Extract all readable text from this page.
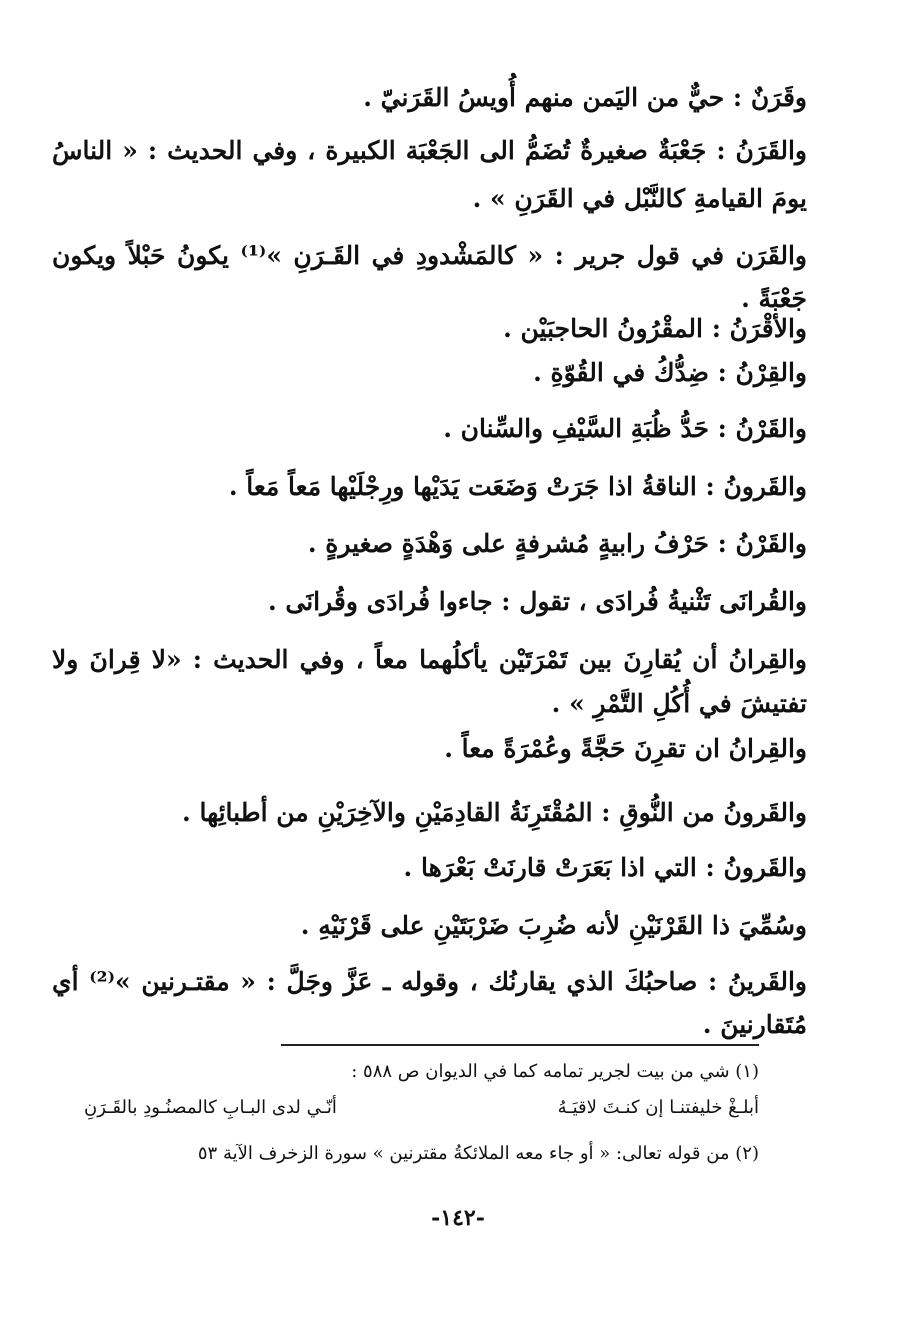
وقَرَنٌ : حيٌّ من اليَمن منهم أُويسُ القَرَنيّ .
والقَرَنُ : جَعْبَةٌ صغيرةٌ تُضَمُّ الى الجَعْبَة الكبيرة ، وفي الحديث : « الناسُ
يومَ القيامةِ كالنَّبْل في القَرَنِ » .
والقَرَن في قول جرير : « كالمَشْدودِ في القَـرَنِ »⁽¹⁾ يكونُ حَبْلاً ويكون
جَعْبَةً .
والأقْرَنُ : المقْرُونُ الحاجبَيْن .
والقِرْنُ : ضِدُّكُ في القُوّةِ .
والقَرْنُ : حَدُّ ظُبَةِ السَّيْفِ والسِّنان .
والقَرونُ : الناقةُ اذا جَرَتْ وَضَعَت يَدَيْها ورِجْلَيْها مَعاً مَعاً .
والقَرْنُ : حَرْفُ رابيةٍ مُشرفةٍ على وَهْدَةٍ صغيرةٍ .
والقُرانَى تَثْنيةُ فُرادَى ، تقول : جاءوا فُرادَى وقُرانَى .
والقِرانُ أن يُقارِنَ بين تَمْرَتَيْن يأكلُهما معاً ، وفي الحديث : «لا قِرانَ ولا
تفتيشَ في أُكُلِ التَّمْرِ » .
والقِرانُ ان تقرِنَ حَجَّةً وعُمْرَةً معاً .
والقَرونُ من النُّوقِ : المُقْتَرِنَةُ القادِمَيْنِ والآخِرَيْنِ من أطبائِها .
والقَرونُ : التي اذا بَعَرَتْ قارنَتْ بَعْرَها .
وسُمِّيَ ذا القَرْنَيْنِ لأنه ضُرِبَ ضَرْبَتَيْنِ على قَرْنَيْهِ .
والقَرينُ : صاحبُكَ الذي يقارنُك ، وقوله ـ عَزَّ وجَلَّ : « مقتـرنين »⁽²⁾ أي
مُتَقارنينَ .
(١) شي من بيت لجرير تمامه كما في الديوان ص ٥٨٨ :
أبلـغْ خليفتنـا إن كنـتَ لاقيَـهُ
أنّـي لدى البـابِ كالمصنُـودِ بالقَـرَنِ
(٢) من قوله تعالى: « أو جاء معه الملائكةُ مقترنين » سورة الزخرف الآية ٥٣
-١٤٢-
